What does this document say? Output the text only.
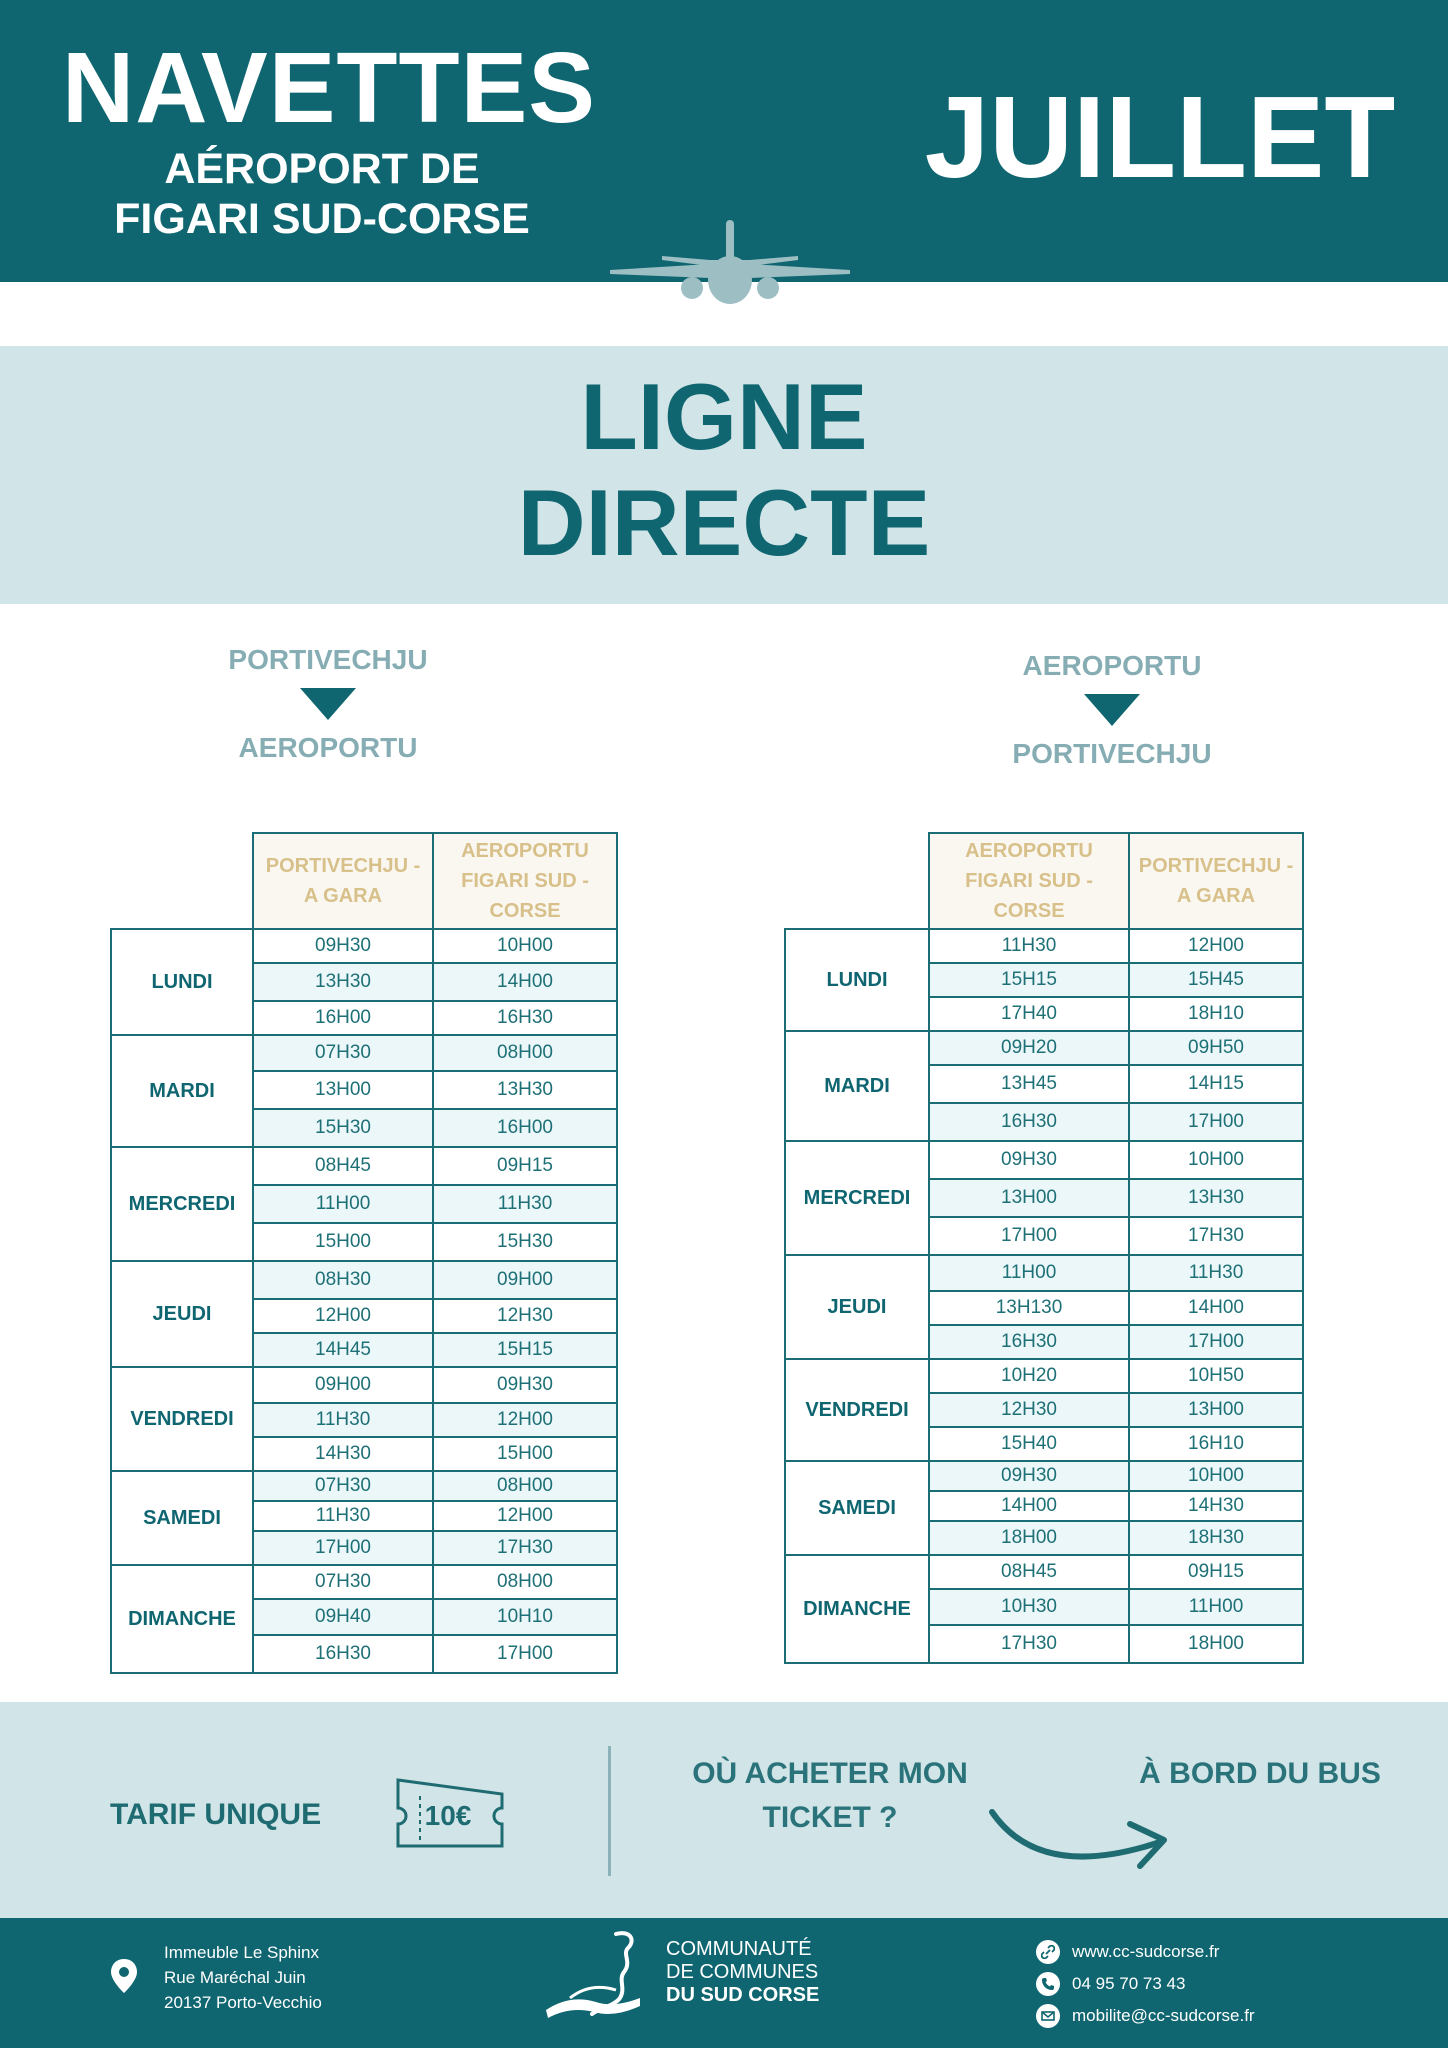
NAVETTES
AÉROPORT DE
FIGARI SUD-CORSE
JUILLET
LIGNE
DIRECTE
PORTIVECHJU
AEROPORTU
AEROPORTU
PORTIVECHJU
	PORTIVECHJU - A GARA	AEROPORTU FIGARI SUD - CORSE
LUNDI	09H30	10H00
	13H30	14H00
	16H00	16H30
MARDI	07H30	08H00
	13H00	13H30
	15H30	16H00
MERCREDI	08H45	09H15
	11H00	11H30
	15H00	15H30
JEUDI	08H30	09H00
	12H00	12H30
	14H45	15H15
VENDREDI	09H00	09H30
	11H30	12H00
	14H30	15H00
SAMEDI	07H30	08H00
	11H30	12H00
	17H00	17H30
DIMANCHE	07H30	08H00
	09H40	10H10
	16H30	17H00
	AEROPORTU FIGARI SUD - CORSE	PORTIVECHJU - A GARA
LUNDI	11H30	12H00
	15H15	15H45
	17H40	18H10
MARDI	09H20	09H50
	13H45	14H15
	16H30	17H00
MERCREDI	09H30	10H00
	13H00	13H30
	17H00	17H30
JEUDI	11H00	11H30
	13H130	14H00
	16H30	17H00
VENDREDI	10H20	10H50
	12H30	13H00
	15H40	16H10
SAMEDI	09H30	10H00
	14H00	14H30
	18H00	18H30
DIMANCHE	08H45	09H15
	10H30	11H00
	17H30	18H00
TARIF UNIQUE	10€
OÙ ACHETER MON
TICKET ?
À BORD DU BUS
Immeuble Le Sphinx
Rue Maréchal Juin
20137 Porto-Vecchio
COMMUNAUTÉ
DE COMMUNES
DU SUD CORSE
www.cc-sudcorse.fr
04 95 70 73 43
mobilite@cc-sudcorse.fr
